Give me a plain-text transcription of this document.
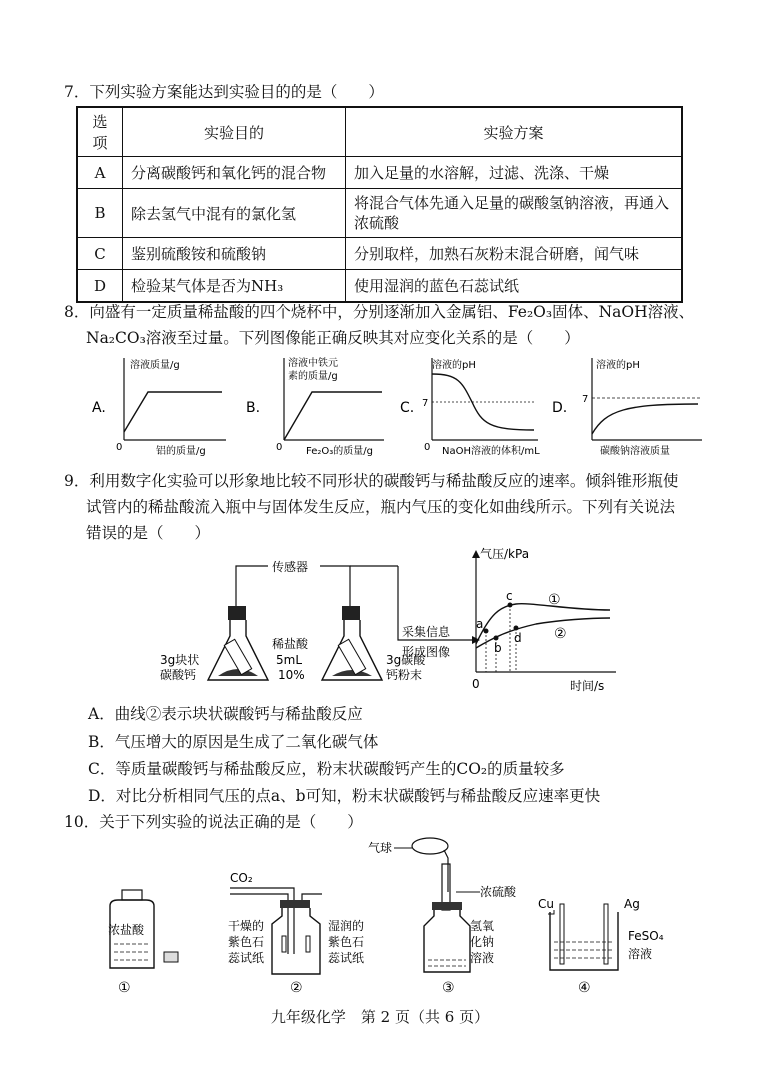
7．下列实验方案能达到实验目的的是（　　）
选项	实验目的	实验方案
A	分离碳酸钙和氧化钙的混合物	加入足量的水溶解，过滤、洗涤、干燥
B	除去氢气中混有的氯化氢	将混合气体先通入足量的碳酸氢钠溶液，再通入浓硫酸
C	鉴别硫酸铵和硫酸钠	分别取样，加熟石灰粉末混合研磨，闻气味
D	检验某气体是否为NH₃	使用湿润的蓝色石蕊试纸
8．向盛有一定质量稀盐酸的四个烧杯中，分别逐渐加入金属铝、Fe₂O₃固体、NaOH溶液、
Na₂CO₃溶液至过量。下列图像能正确反映其对应变化关系的是（　　）
A.
溶液质量/g
0	铝的质量/g
B.
溶液中铁元
素的质量/g
0 Fe₂O₃的质量/g
C.
溶液的pH
7
0 NaOH溶液的体积/mL
D.
溶液的pH
7
碳酸钠溶液质量
9．利用数字化实验可以形象地比较不同形状的碳酸钙与稀盐酸反应的速率。倾斜锥形瓶使
试管内的稀盐酸流入瓶中与固体发生反应，瓶内气压的变化如曲线所示。下列有关说法
错误的是（　　）
传感器
3g块状
碳酸钙
3g碳酸
钙粉末
稀盐酸
5mL
10%
采集信息
形成图像
气压/kPa
0	时间/s
a
b
c
d
①
②
A．曲线②表示块状碳酸钙与稀盐酸反应
B．气压增大的原因是生成了二氧化碳气体
C．等质量碳酸钙与稀盐酸反应，粉末状碳酸钙产生的CO₂的质量较多
D．对比分析相同气压的点a、b可知，粉末状碳酸钙与稀盐酸反应速率更快
10．关于下列实验的说法正确的是（　　）
浓盐酸
①
CO₂
干燥的
紫色石
蕊试纸
湿润的
紫色石
蕊试纸
②
气球
浓硫酸
氢氧
化钠
溶液
③
Cu	Ag
FeSO₄
溶液
④
九年级化学　第 2 页（共 6 页）
